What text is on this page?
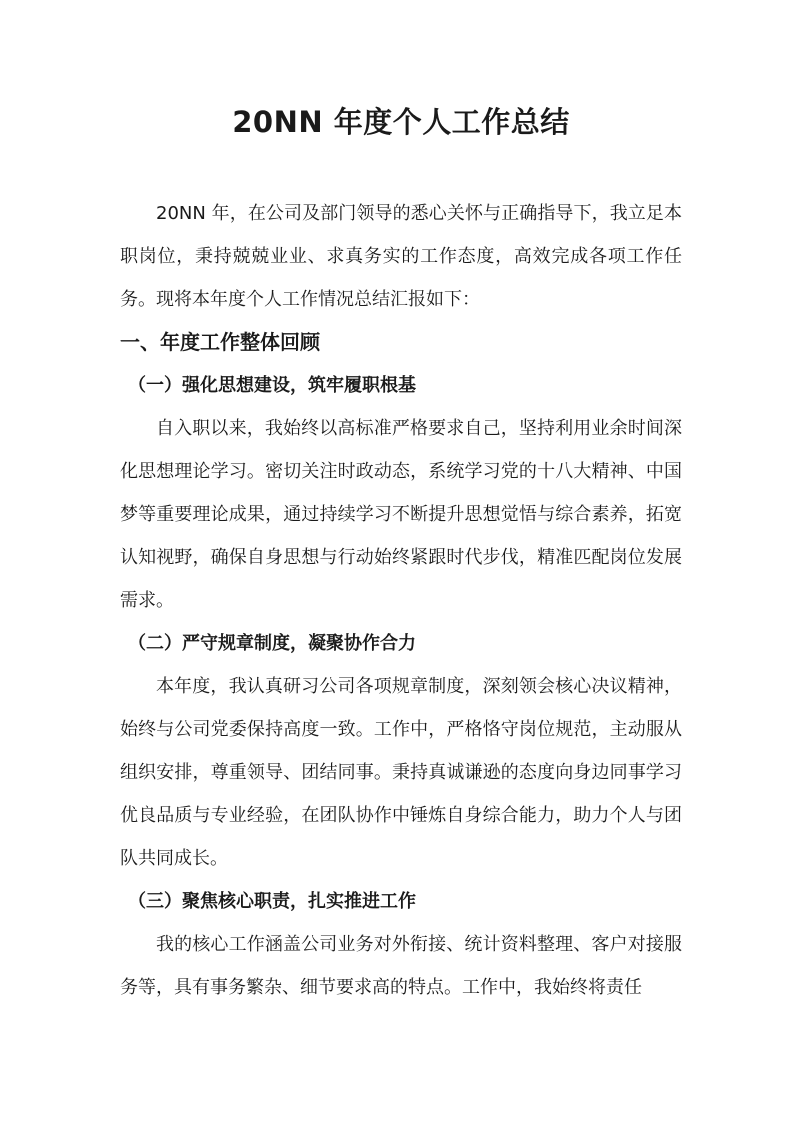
20NN 年度个人工作总结

20NN 年，在公司及部门领导的悉心关怀与正确指导下，我立足本职岗位，秉持兢兢业业、求真务实的工作态度，高效完成各项工作任务。现将本年度个人工作情况总结汇报如下：

一、年度工作整体回顾

（一）强化思想建设，筑牢履职根基

自入职以来，我始终以高标准严格要求自己，坚持利用业余时间深化思想理论学习。密切关注时政动态，系统学习党的十八大精神、中国梦等重要理论成果，通过持续学习不断提升思想觉悟与综合素养，拓宽认知视野，确保自身思想与行动始终紧跟时代步伐，精准匹配岗位发展需求。

（二）严守规章制度，凝聚协作合力

本年度，我认真研习公司各项规章制度，深刻领会核心决议精神，始终与公司党委保持高度一致。工作中，严格恪守岗位规范，主动服从组织安排，尊重领导、团结同事。秉持真诚谦逊的态度向身边同事学习优良品质与专业经验，在团队协作中锤炼自身综合能力，助力个人与团队共同成长。

（三）聚焦核心职责，扎实推进工作

我的核心工作涵盖公司业务对外衔接、统计资料整理、客户对接服务等，具有事务繁杂、细节要求高的特点。工作中，我始终将责任
